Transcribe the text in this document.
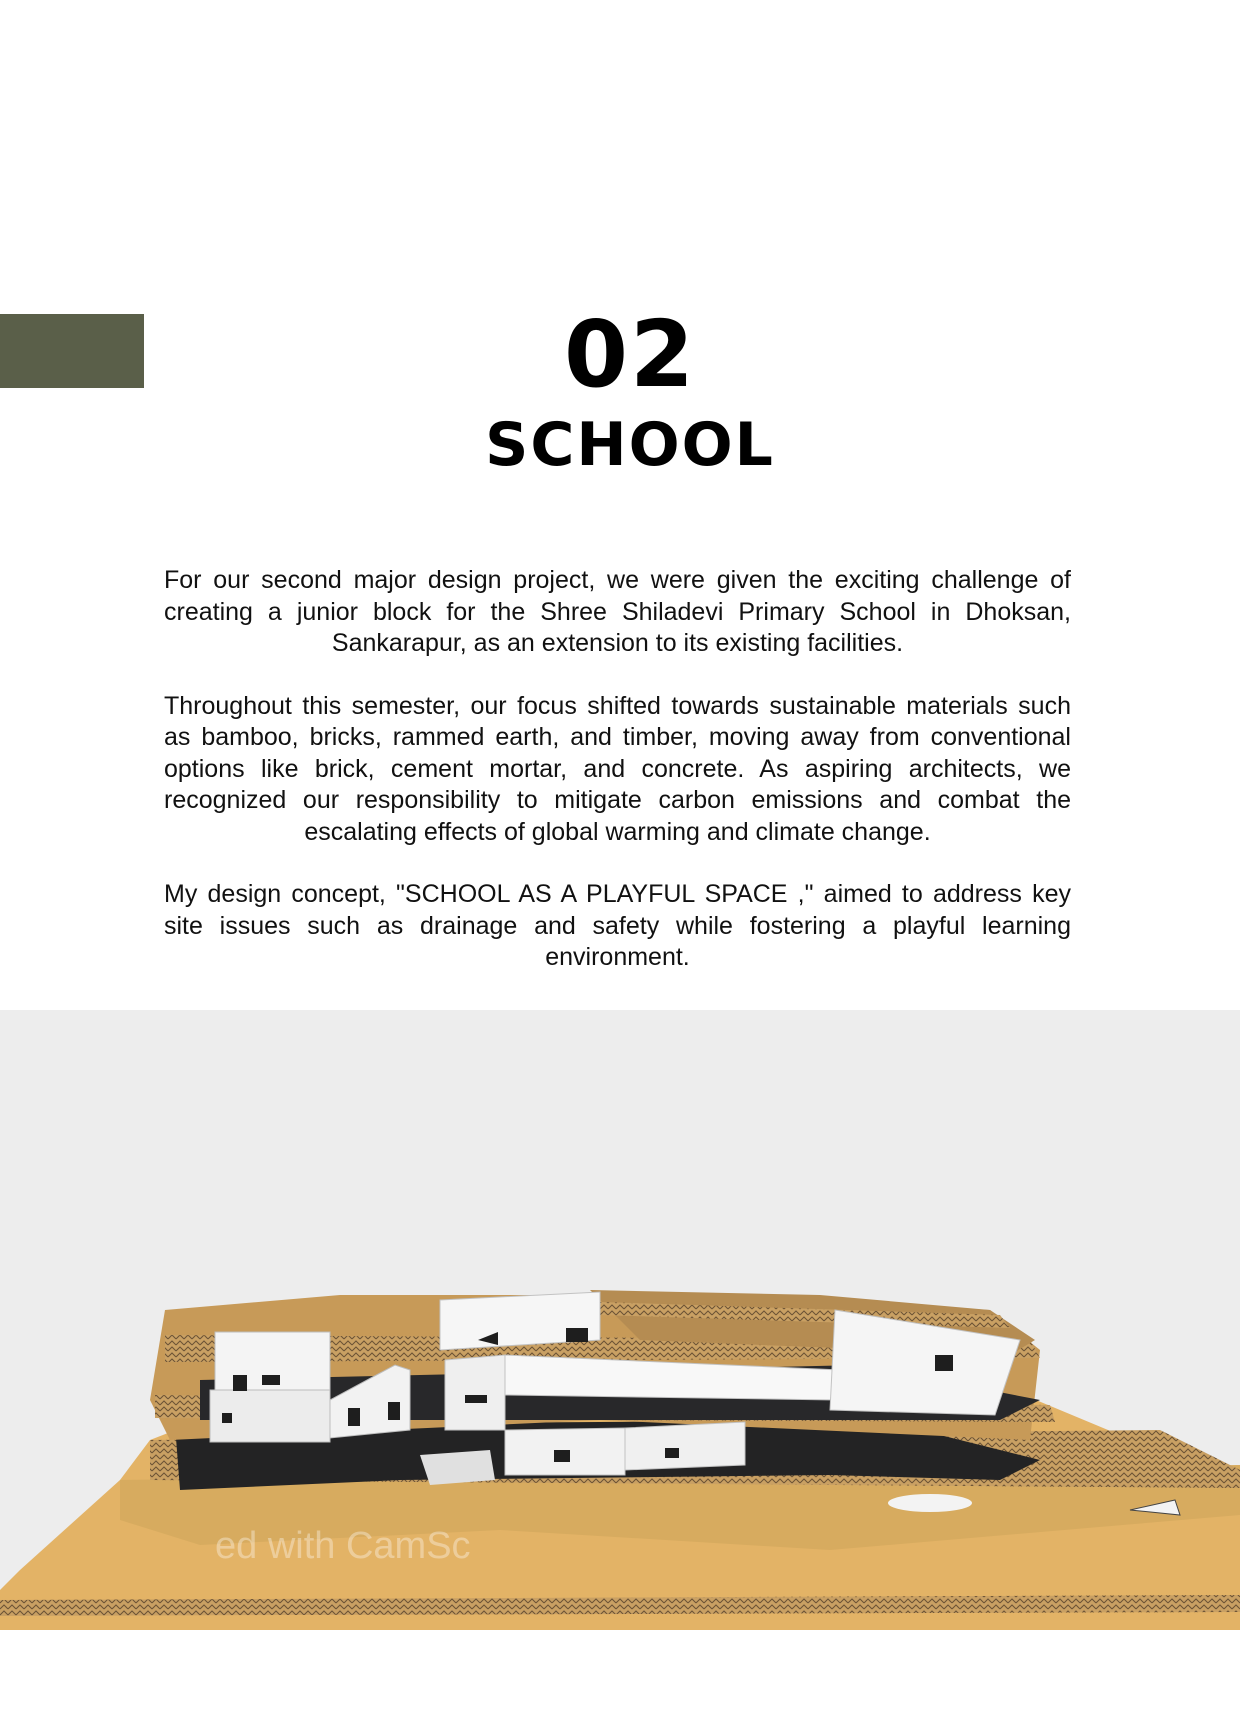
02
SCHOOL

For our second major design project, we were given the exciting challenge of creating a junior block for the Shree Shiladevi Primary School in Dhoksan, Sankarapur, as an extension to its existing facilities.

Throughout this semester, our focus shifted towards sustainable materials such as bamboo, bricks, rammed earth, and timber, moving away from conventional options like brick, cement mortar, and concrete. As aspiring architects, we recognized our responsibility to mitigate carbon emissions and combat the escalating effects of global warming and climate change.

My design concept, "SCHOOL AS A PLAYFUL SPACE ," aimed to address key site issues such as drainage and safety while fostering a playful learning environment.

ed with CamSc
